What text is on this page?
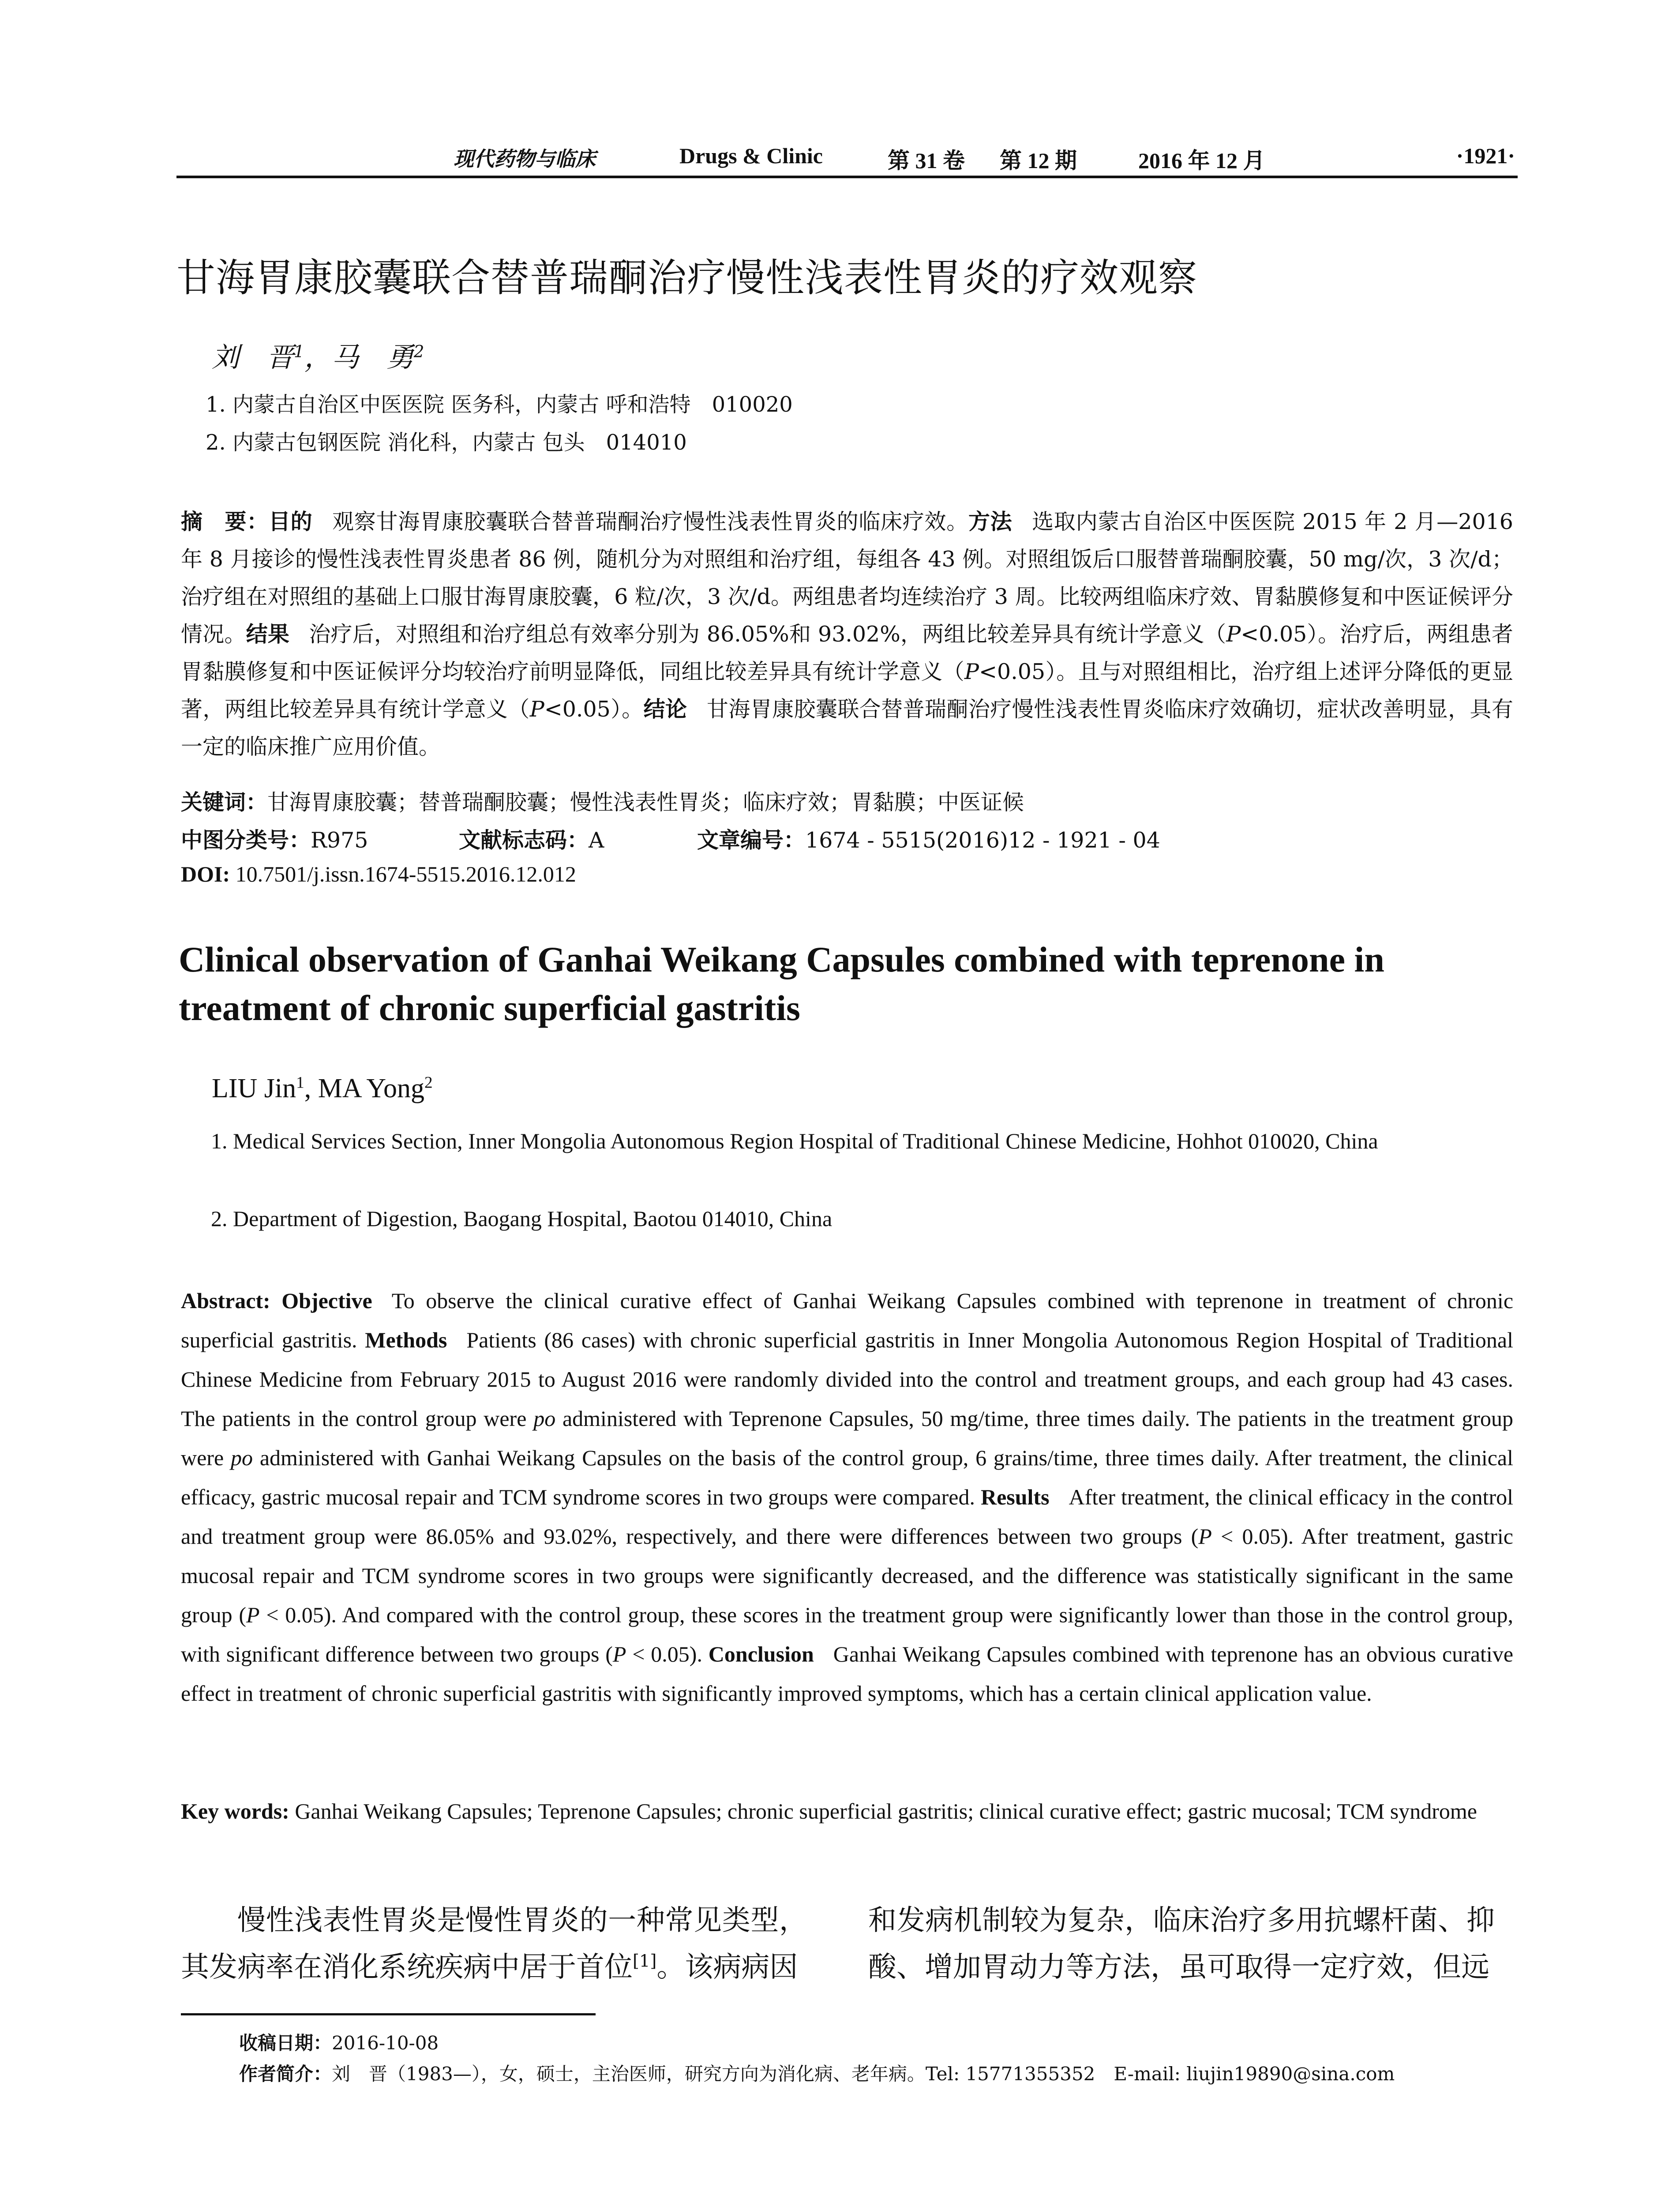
现代药物与临床	Drugs & Clinic	第 31 卷 第 12 期	2016 年 12 月	·1921·
甘海胃康胶囊联合替普瑞酮治疗慢性浅表性胃炎的疗效观察
刘　晋$^1$，马　勇$^2$
1. 内蒙古自治区中医医院 医务科，内蒙古 呼和浩特　010020
2. 内蒙古包钢医院 消化科，内蒙古 包头　014010
摘　要：目的 观察甘海胃康胶囊联合替普瑞酮治疗慢性浅表性胃炎的临床疗效。方法 选取内蒙古自治区中医医院 2015 年 2 月—2016 年 8 月接诊的慢性浅表性胃炎患者 86 例，随机分为对照组和治疗组，每组各 43 例。对照组饭后口服替普瑞酮胶囊，50 mg/次，3 次/d；治疗组在对照组的基础上口服甘海胃康胶囊，6 粒/次，3 次/d。两组患者均连续治疗 3 周。比较两组临床疗效、胃黏膜修复和中医证候评分情况。结果 治疗后，对照组和治疗组总有效率分别为 86.05%和 93.02%，两组比较差异具有统计学意义（P<0.05）。治疗后，两组患者胃黏膜修复和中医证候评分均较治疗前明显降低，同组比较差异具有统计学意义（P<0.05）。且与对照组相比，治疗组上述评分降低的更显著，两组比较差异具有统计学意义（P<0.05）。结论 甘海胃康胶囊联合替普瑞酮治疗慢性浅表性胃炎临床疗效确切，症状改善明显，具有一定的临床推广应用价值。
关键词：甘海胃康胶囊；替普瑞酮胶囊；慢性浅表性胃炎；临床疗效；胃黏膜；中医证候
中图分类号：R975	文献标志码：A	文章编号：1674 - 5515(2016)12 - 1921 - 04
DOI: 10.7501/j.issn.1674-5515.2016.12.012
Clinical observation of Ganhai Weikang Capsules combined with teprenone in treatment of chronic superficial gastritis
LIU Jin$^1$, MA Yong$^2$
1. Medical Services Section, Inner Mongolia Autonomous Region Hospital of Traditional Chinese Medicine, Hohhot 010020, China
2. Department of Digestion, Baogang Hospital, Baotou 014010, China
Abstract: Objective To observe the clinical curative effect of Ganhai Weikang Capsules combined with teprenone in treatment of chronic superficial gastritis. Methods Patients (86 cases) with chronic superficial gastritis in Inner Mongolia Autonomous Region Hospital of Traditional Chinese Medicine from February 2015 to August 2016 were randomly divided into the control and treatment groups, and each group had 43 cases. The patients in the control group were po administered with Teprenone Capsules, 50 mg/time, three times daily. The patients in the treatment group were po administered with Ganhai Weikang Capsules on the basis of the control group, 6 grains/time, three times daily. After treatment, the clinical efficacy, gastric mucosal repair and TCM syndrome scores in two groups were compared. Results After treatment, the clinical efficacy in the control and treatment group were 86.05% and 93.02%, respectively, and there were differences between two groups (P < 0.05). After treatment, gastric mucosal repair and TCM syndrome scores in two groups were significantly decreased, and the difference was statistically significant in the same group (P < 0.05). And compared with the control group, these scores in the treatment group were significantly lower than those in the control group, with significant difference between two groups (P < 0.05). Conclusion Ganhai Weikang Capsules combined with teprenone has an obvious curative effect in treatment of chronic superficial gastritis with significantly improved symptoms, which has a certain clinical application value.
Key words: Ganhai Weikang Capsules; Teprenone Capsules; chronic superficial gastritis; clinical curative effect; gastric mucosal; TCM syndrome
慢性浅表性胃炎是慢性胃炎的一种常见类型，其发病率在消化系统疾病中居于首位[1]。该病病因
和发病机制较为复杂，临床治疗多用抗螺杆菌、抑酸、增加胃动力等方法，虽可取得一定疗效，但远
收稿日期：2016-10-08
作者简介：刘　晋（1983—），女，硕士，主治医师，研究方向为消化病、老年病。Tel: 15771355352　E-mail: liujin19890@sina.com
